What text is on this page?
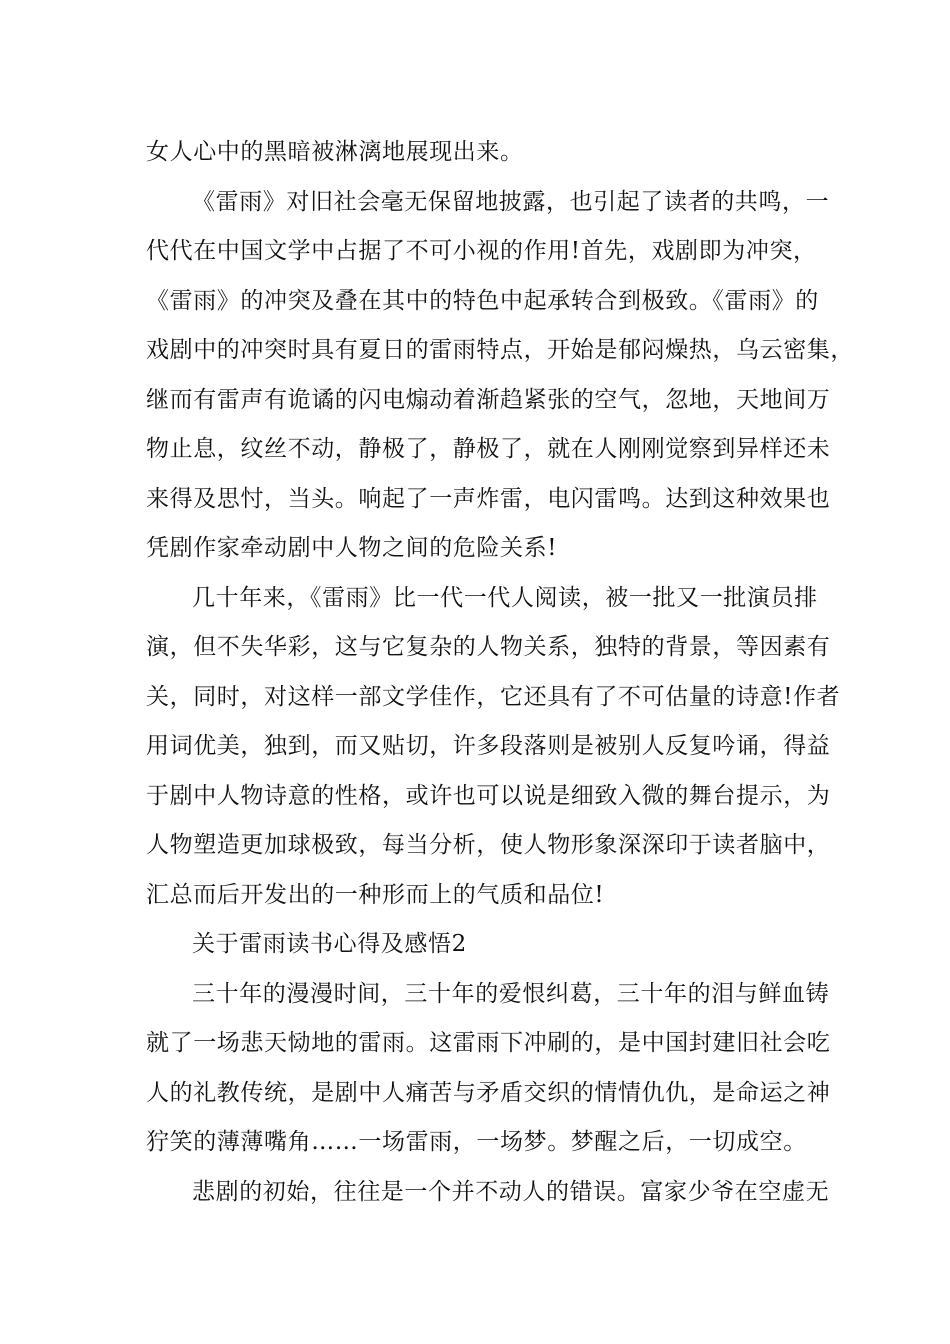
女人心中的黑暗被淋漓地展现出来。
《雷雨》对旧社会毫无保留地披露，也引起了读者的共鸣，一
代代在中国文学中占据了不可小视的作用!首先，戏剧即为冲突，
《雷雨》的冲突及叠在其中的特色中起承转合到极致。《雷雨》的
戏剧中的冲突时具有夏日的雷雨特点，开始是郁闷燥热，乌云密集，
继而有雷声有诡谲的闪电煽动着渐趋紧张的空气，忽地，天地间万
物止息，纹丝不动，静极了，静极了，就在人刚刚觉察到异样还未
来得及思忖，当头。响起了一声炸雷，电闪雷鸣。达到这种效果也
凭剧作家牵动剧中人物之间的危险关系!
几十年来，《雷雨》比一代一代人阅读，被一批又一批演员排
演，但不失华彩，这与它复杂的人物关系，独特的背景，等因素有
关，同时，对这样一部文学佳作，它还具有了不可估量的诗意!作者
用词优美，独到，而又贴切，许多段落则是被别人反复吟诵，得益
于剧中人物诗意的性格，或许也可以说是细致入微的舞台提示，为
人物塑造更加球极致，每当分析，使人物形象深深印于读者脑中，
汇总而后开发出的一种形而上的气质和品位!
关于雷雨读书心得及感悟2
三十年的漫漫时间，三十年的爱恨纠葛，三十年的泪与鲜血铸
就了一场悲天恸地的雷雨。这雷雨下冲刷的，是中国封建旧社会吃
人的礼教传统，是剧中人痛苦与矛盾交织的情情仇仇，是命运之神
狞笑的薄薄嘴角……一场雷雨，一场梦。梦醒之后，一切成空。
悲剧的初始，往往是一个并不动人的错误。富家少爷在空虚无
